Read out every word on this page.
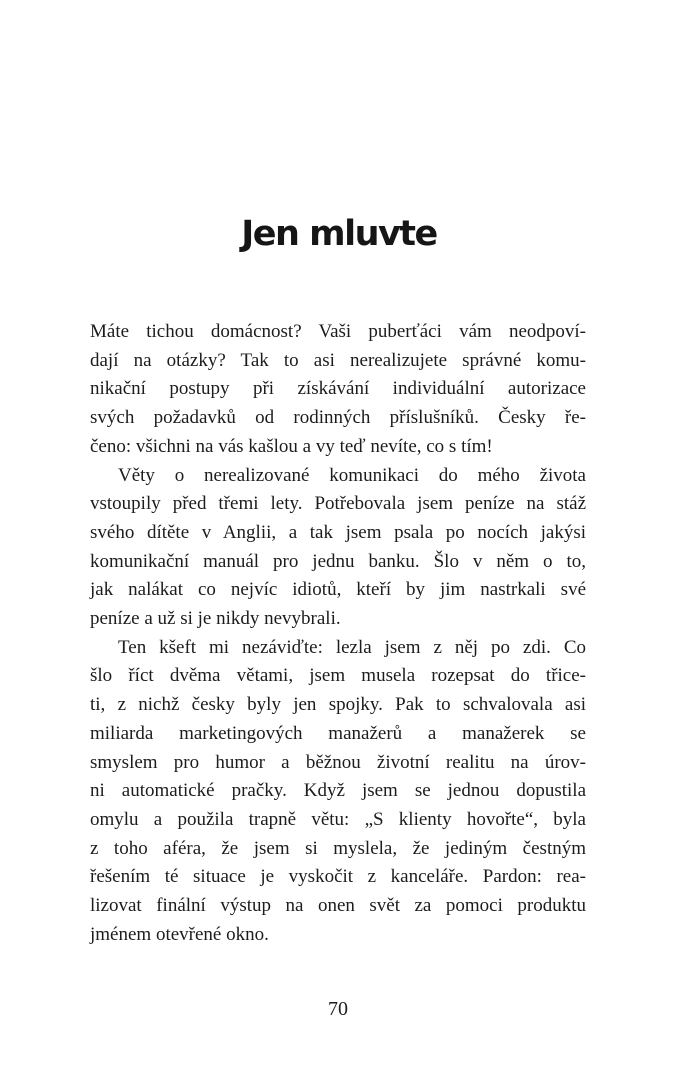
Jen mluvte
Máte tichou domácnost? Vaši puberťáci vám neodpoví-
dají na otázky? Tak to asi nerealizujete správné komu-
nikační postupy při získávání individuální autorizace
svých požadavků od rodinných příslušníků. Česky ře-
čeno: všichni na vás kašlou a vy teď nevíte, co s tím!
Věty o nerealizované komunikaci do mého života
vstoupily před třemi lety. Potřebovala jsem peníze na stáž
svého dítěte v Anglii, a tak jsem psala po nocích jakýsi
komunikační manuál pro jednu banku. Šlo v něm o to,
jak nalákat co nejvíc idiotů, kteří by jim nastrkali své
peníze a už si je nikdy nevybrali.
Ten kšeft mi nezáviďte: lezla jsem z něj po zdi. Co
šlo říct dvěma větami, jsem musela rozepsat do třice-
ti, z nichž česky byly jen spojky. Pak to schvalovala asi
miliarda marketingových manažerů a manažerek se
smyslem pro humor a běžnou životní realitu na úrov-
ni automatické pračky. Když jsem se jednou dopustila
omylu a použila trapně větu: „S klienty hovořte“, byla
z toho aféra, že jsem si myslela, že jediným čestným
řešením té situace je vyskočit z kanceláře. Pardon: rea-
lizovat finální výstup na onen svět za pomoci produktu
jménem otevřené okno.
70
